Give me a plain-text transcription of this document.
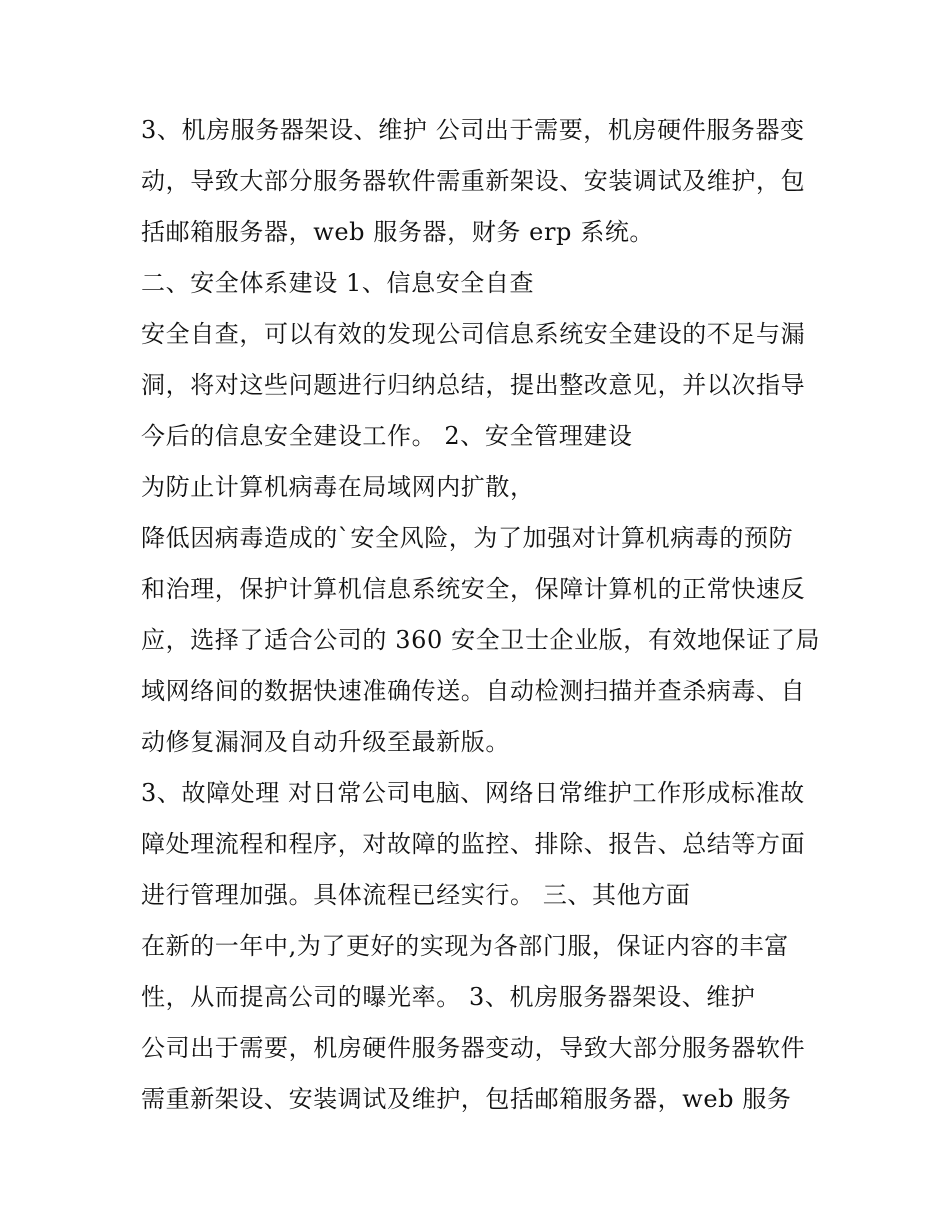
3、机房服务器架设、维护 公司出于需要，机房硬件服务器变
动，导致大部分服务器软件需重新架设、安装调试及维护，包
括邮箱服务器，web 服务器，财务 erp 系统。
二、安全体系建设 1、信息安全自查
安全自查，可以有效的发现公司信息系统安全建设的不足与漏
洞，将对这些问题进行归纳总结，提出整改意见，并以次指导
今后的信息安全建设工作。 2、安全管理建设
为防止计算机病毒在局域网内扩散，
降低因病毒造成的`安全风险，为了加强对计算机病毒的预防
和治理，保护计算机信息系统安全，保障计算机的正常快速反
应，选择了适合公司的 360 安全卫士企业版，有效地保证了局
域网络间的数据快速准确传送。自动检测扫描并查杀病毒、自
动修复漏洞及自动升级至最新版。
3、故障处理 对日常公司电脑、网络日常维护工作形成标准故
障处理流程和程序，对故障的监控、排除、报告、总结等方面
进行管理加强。具体流程已经实行。 三、其他方面
在新的一年中,为了更好的实现为各部门服，保证内容的丰富
性，从而提高公司的曝光率。 3、机房服务器架设、维护
公司出于需要，机房硬件服务器变动，导致大部分服务器软件
需重新架设、安装调试及维护，包括邮箱服务器，web 服务
